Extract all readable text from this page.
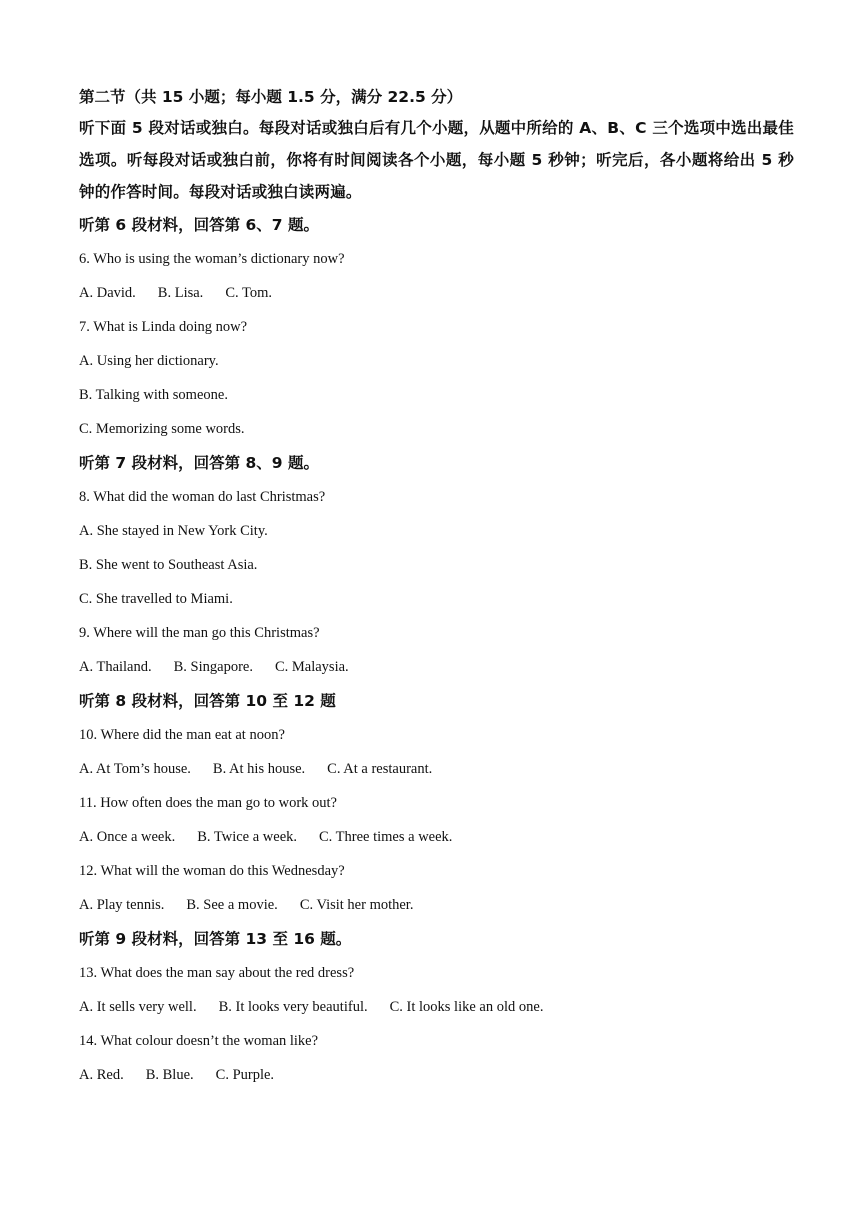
第二节（共 15 小题；每小题 1.5 分，满分 22.5 分）

听下面 5 段对话或独白。每段对话或独白后有几个小题，从题中所给的 A、B、C 三个选项中选出最佳选项。听每段对话或独白前，你将有时间阅读各个小题，每小题 5 秒钟；听完后，各小题将给出 5 秒钟的作答时间。每段对话或独白读两遍。

听第 6 段材料，回答第 6、7 题。

6. Who is using the woman’s dictionary now?

A. David. B. Lisa. C. Tom.

7. What is Linda doing now?

A. Using her dictionary.

B. Talking with someone.

C. Memorizing some words.

听第 7 段材料，回答第 8、9 题。

8. What did the woman do last Christmas?

A. She stayed in New York City.

B. She went to Southeast Asia.

C. She travelled to Miami.

9. Where will the man go this Christmas?

A. Thailand. B. Singapore. C. Malaysia.

听第 8 段材料，回答第 10 至 12 题

10. Where did the man eat at noon?

A. At Tom’s house. B. At his house. C. At a restaurant.

11. How often does the man go to work out?

A. Once a week. B. Twice a week. C. Three times a week.

12. What will the woman do this Wednesday?

A. Play tennis. B. See a movie. C. Visit her mother.

听第 9 段材料，回答第 13 至 16 题。

13. What does the man say about the red dress?

A. It sells very well. B. It looks very beautiful. C. It looks like an old one.

14. What colour doesn’t the woman like?

A. Red. B. Blue. C. Purple.
